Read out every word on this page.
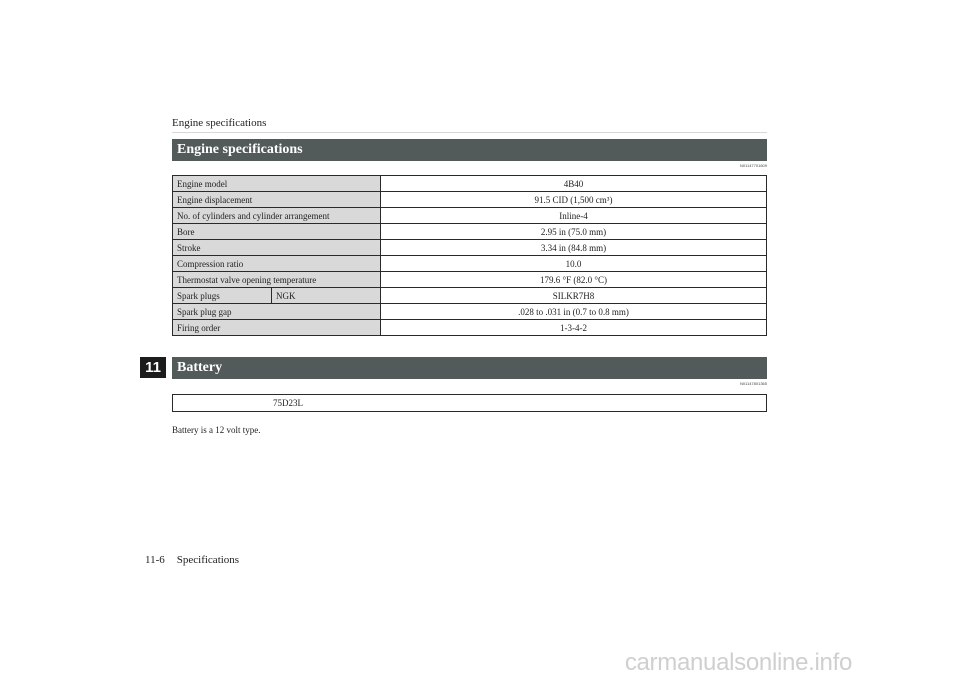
Engine specifications
Engine specifications
N01147701609
Engine model		4B40
Engine displacement		91.5 CID (1,500 cm³)
No. of cylinders and cylinder arrangement		Inline-4
Bore		2.95 in (75.0 mm)
Stroke		3.34 in (84.8 mm)
Compression ratio		10.0
Thermostat valve opening temperature		179.6 °F (82.0 °C)
Spark plugs	NGK	SILKR7H8
Spark plug gap		.028 to .031 in (0.7 to 0.8 mm)
Firing order		1-3-4-2
11	Battery
N01147801365
75D23L
Battery is a 12 volt type.
11-6 Specifications
carmanualsonline.info
